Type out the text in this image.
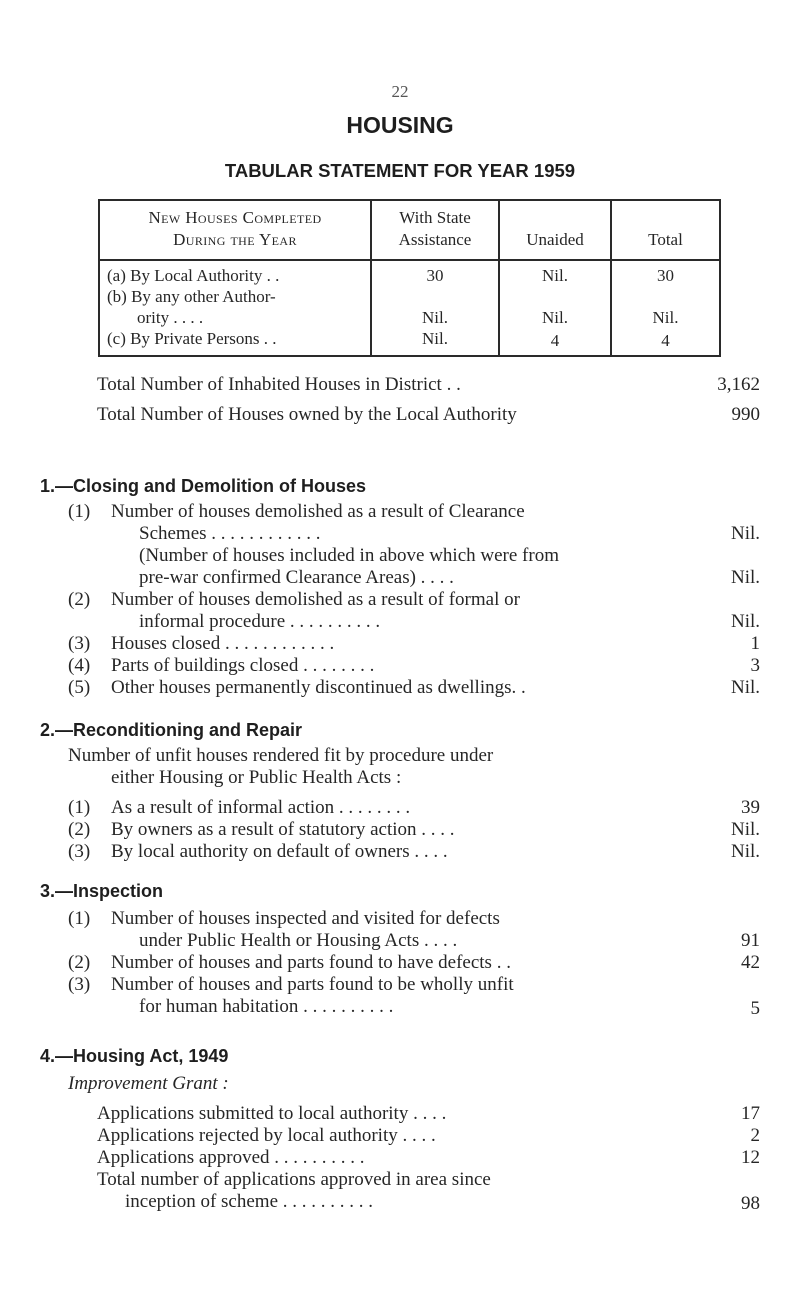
22
HOUSING
TABULAR STATEMENT FOR YEAR 1959
New Houses Completed
During the Year
With State
Assistance	Unaided	Total
(a) By Local Authority . .	30	Nil.	30
(b) By any other Author-
ority . . . .	Nil.	Nil.	Nil.
(c) By Private Persons . .	Nil.	4	4
Total Number of Inhabited Houses in District . .	3,162
Total Number of Houses owned by the Local Authority	990
1.—Closing and Demolition of Houses
(1) Number of houses demolished as a result of Clearance
Schemes . . . . . . . . . . . .	Nil.
(Number of houses included in above which were from
pre-war confirmed Clearance Areas) . . . .	Nil.
(2) Number of houses demolished as a result of formal or
informal procedure . . . . . . . . . .	Nil.
(3) Houses closed . . . . . . . . . . . .	1
(4) Parts of buildings closed . . . . . . . .	3
(5) Other houses permanently discontinued as dwellings. .	Nil.
2.—Reconditioning and Repair
Number of unfit houses rendered fit by procedure under
either Housing or Public Health Acts :
(1) As a result of informal action . . . . . . . .	39
(2) By owners as a result of statutory action . . . .	Nil.
(3) By local authority on default of owners . . . .	Nil.
3.—Inspection
(1) Number of houses inspected and visited for defects
under Public Health or Housing Acts . . . .	91
(2) Number of houses and parts found to have defects . .	42
(3) Number of houses and parts found to be wholly unfit
for human habitation . . . . . . . . . .	5
4.—Housing Act, 1949
Improvement Grant :
Applications submitted to local authority . . . .	17
Applications rejected by local authority . . . .	2
Applications approved . . . . . . . . . .	12
Total number of applications approved in area since
inception of scheme . . . . . . . . . .	98
